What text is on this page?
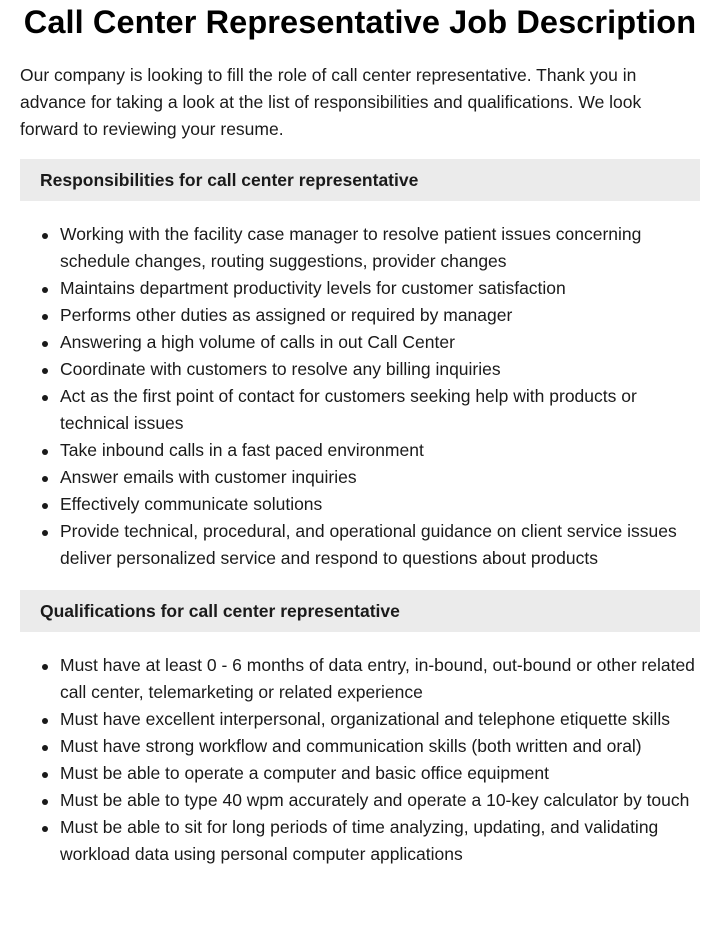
Call Center Representative Job Description

Our company is looking to fill the role of call center representative. Thank you in advance for taking a look at the list of responsibilities and qualifications. We look forward to reviewing your resume.

Responsibilities for call center representative
Working with the facility case manager to resolve patient issues concerning schedule changes, routing suggestions, provider changes
Maintains department productivity levels for customer satisfaction
Performs other duties as assigned or required by manager
Answering a high volume of calls in out Call Center
Coordinate with customers to resolve any billing inquiries
Act as the first point of contact for customers seeking help with products or technical issues
Take inbound calls in a fast paced environment
Answer emails with customer inquiries
Effectively communicate solutions
Provide technical, procedural, and operational guidance on client service issues deliver personalized service and respond to questions about products
Qualifications for call center representative
Must have at least 0 - 6 months of data entry, in-bound, out-bound or other related call center, telemarketing or related experience
Must have excellent interpersonal, organizational and telephone etiquette skills
Must have strong workflow and communication skills (both written and oral)
Must be able to operate a computer and basic office equipment
Must be able to type 40 wpm accurately and operate a 10-key calculator by touch
Must be able to sit for long periods of time analyzing, updating, and validating workload data using personal computer applications
